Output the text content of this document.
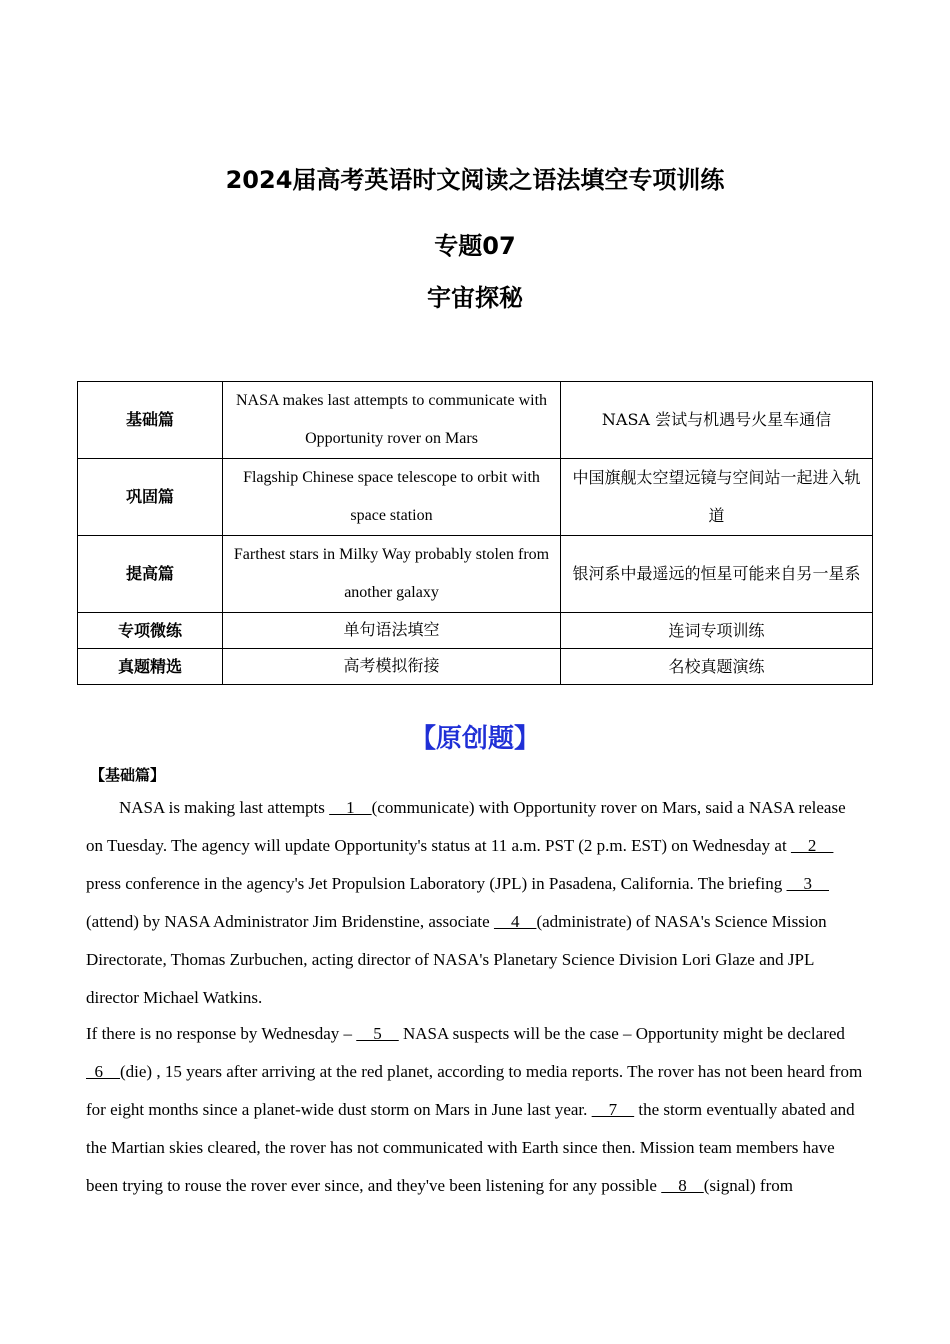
2024届高考英语时文阅读之语法填空专项训练
专题07
宇宙探秘
基础篇	NASA makes last attempts to communicate with Opportunity rover on Mars	NASA 尝试与机遇号火星车通信
巩固篇	Flagship Chinese space telescope to orbit with space station	中国旗舰太空望远镜与空间站一起进入轨道
提高篇	Farthest stars in Milky Way probably stolen from another galaxy	银河系中最遥远的恒星可能来自另一星系
专项微练	单句语法填空	连词专项训练
真题精选	高考模拟衔接	名校真题演练
【原创题】
【基础篇】
NASA is making last attempts     1    (communicate) with Opportunity rover on Mars, said a NASA release on Tuesday. The agency will update Opportunity's status at 11 a.m. PST (2 p.m. EST) on Wednesday at     2     press conference in the agency's Jet Propulsion Laboratory (JPL) in Pasadena, California. The briefing     3     (attend) by NASA Administrator Jim Bridenstine, associate     4    (administrate) of NASA's Science Mission Directorate, Thomas Zurbuchen, acting director of NASA's Planetary Science Division Lori Glaze and JPL director Michael Watkins.
If there is no response by Wednesday –     5     NASA suspects will be the case – Opportunity might be declared   6    (die) , 15 years after arriving at the red planet, according to media reports. The rover has not been heard from for eight months since a planet-wide dust storm on Mars in June last year.     7     the storm eventually abated and the Martian skies cleared, the rover has not communicated with Earth since then. Mission team members have been trying to rouse the rover ever since, and they've been listening for any possible     8    (signal) from
